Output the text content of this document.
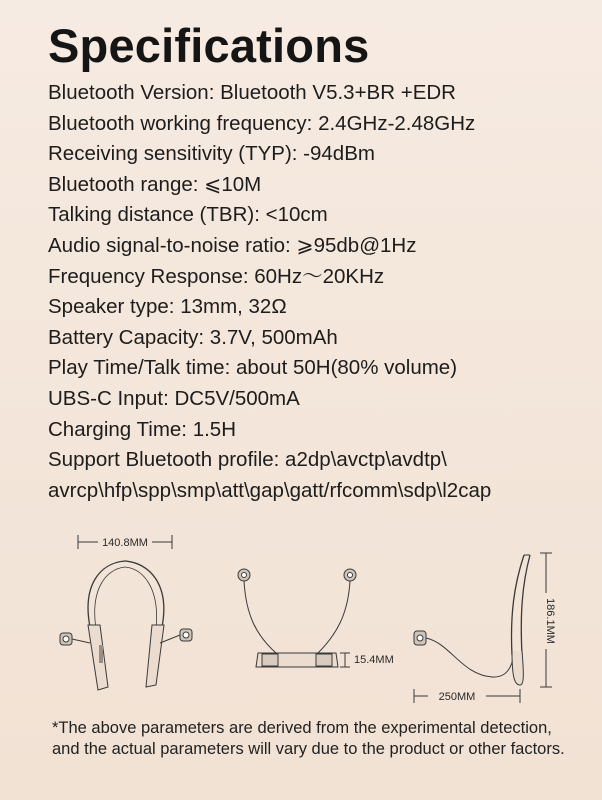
Specifications
Bluetooth Version: Bluetooth V5.3+BR +EDR
Bluetooth working frequency: 2.4GHz-2.48GHz
Receiving sensitivity (TYP): -94dBm
Bluetooth range: ⩽10M
Talking distance (TBR): <10cm
Audio signal-to-noise ratio: ⩾95db@1Hz
Frequency Response: 60Hz～20KHz
Speaker type: 13mm, 32Ω
Battery Capacity: 3.7V, 500mAh
Play Time/Talk time: about 50H(80% volume)
UBS-C Input: DC5V/500mA
Charging Time: 1.5H
Support Bluetooth profile: a2dp\avctp\avdtp\
avrcp\hfp\spp\smp\att\gap\gatt/rfcomm\sdp\l2cap
140.8MM
15.4MM
186.1MM
250MM

*The above parameters are derived from the experimental detection, and the actual parameters will vary due to the product or other factors.
